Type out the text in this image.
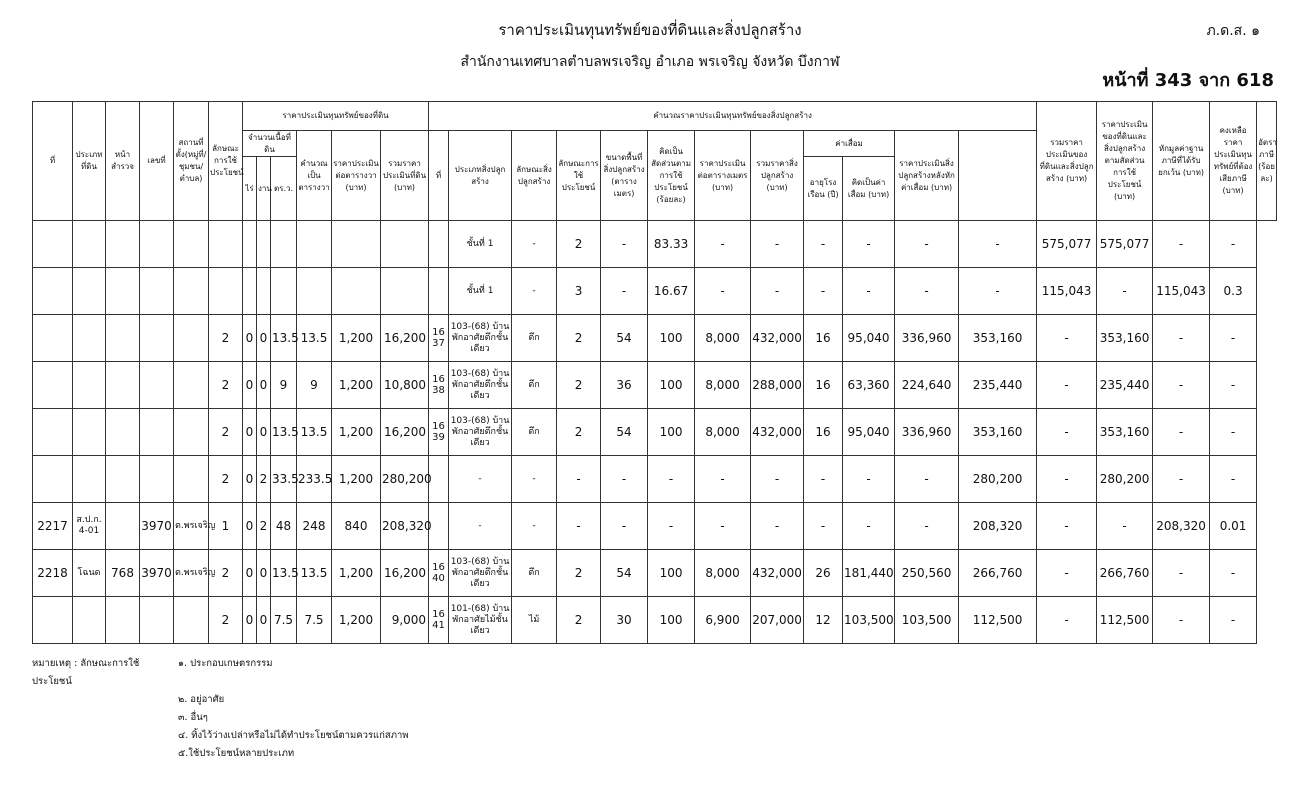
ราคาประเมินทุนทรัพย์ของที่ดินและสิ่งปลูกสร้าง	ภ.ด.ส. ๑
สำนักงานเทศบาลตำบลพรเจริญ อำเภอ พรเจริญ จังหวัด บึงกาฬ
หน้าที่ 343 จาก 618
ที่	ประเภทที่ดิน	หน้าสำรวจ	เลขที่	สถานที่ตั้ง(หมู่ที่/ชุมชน/ตำบล)	ลักษณะการใช้ประโยชน์	ราคาประเมินทุนทรัพย์ของที่ดิน						คำนวณราคาประเมินทุนทรัพย์ของสิ่งปลูกสร้าง												รวมราคาประเมินของที่ดินและสิ่งปลูกสร้าง (บาท)	ราคาประเมินของที่ดินและสิ่งปลูกสร้างตามสัดส่วนการใช้ประโยชน์ (บาท)	หักมูลค่าฐานภาษีที่ได้รับยกเว้น (บาท)	คงเหลือราคาประเมินทุนทรัพย์ที่ต้องเสียภาษี (บาท)	อัตราภาษี (ร้อยละ)
						จำนวนเนื้อที่ดิน			คำนวณเป็นตารางวา	ราคาประเมินต่อตารางวา (บาท)	รวมราคาประเมินที่ดิน (บาท)	ที่	ประเภทสิ่งปลูกสร้าง	ลักษณะสิ่งปลูกสร้าง	ลักษณะการใช้ประโยชน์	ขนาดพื้นที่สิ่งปลูกสร้าง (ตารางเมตร)	คิดเป็นสัดส่วนตามการใช้ประโยชน์ (ร้อยละ)	ราคาประเมินต่อตารางเมตร (บาท)	รวมราคาสิ่งปลูกสร้าง (บาท)	ค่าเสื่อม		ราคาประเมินสิ่งปลูกสร้างหลังหักค่าเสื่อม (บาท)						
						ไร่	งาน	ตร.ว.												อายุโรงเรือน (ปี)	คิดเป็นค่าเสื่อม (บาท)							
													ชั้นที่ 1	-	2	-	83.33	-	-	-	-	-	-	575,077	575,077	-	-	
													ชั้นที่ 1	-	3	-	16.67	-	-	-	-	-	-	115,043	-	115,043	0.3	
					2	0	0	13.5	13.5	1,200	16,200	16 37	103-(68) บ้านพักอาศัยตึกชั้นเดียว	ตึก	2	54	100	8,000	432,000	16	95,040	336,960	353,160	-	353,160	-	-	
					2	0	0	9	9	1,200	10,800	16 38	103-(68) บ้านพักอาศัยตึกชั้นเดียว	ตึก	2	36	100	8,000	288,000	16	63,360	224,640	235,440	-	235,440	-	-	
					2	0	0	13.5	13.5	1,200	16,200	16 39	103-(68) บ้านพักอาศัยตึกชั้นเดียว	ตึก	2	54	100	8,000	432,000	16	95,040	336,960	353,160	-	353,160	-	-	
					2	0	2	33.5	233.5	1,200	280,200		-	-	-	-	-	-	-	-	-	-	280,200	-	280,200	-	-	
2217	ส.ป.ก. 4-01		3970	ต.พรเจริญ	1	0	2	48	248	840	208,320		-	-	-	-	-	-	-	-	-	-	208,320	-	-	208,320	0.01	
2218	โฉนด	768	3970	ต.พรเจริญ	2	0	0	13.5	13.5	1,200	16,200	16 40	103-(68) บ้านพักอาศัยตึกชั้นเดียว	ตึก	2	54	100	8,000	432,000	26	181,440	250,560	266,760	-	266,760	-	-	
					2	0	0	7.5	7.5	1,200	9,000	16 41	101-(68) บ้านพักอาศัยไม้ชั้นเดียว	ไม้	2	30	100	6,900	207,000	12	103,500	103,500	112,500	-	112,500	-	-	
หมายเหตุ : ลักษณะการใช้ประโยชน์
๑. ประกอบเกษตรกรรม
๒. อยู่อาศัย
๓. อื่นๆ
๔. ทิ้งไว้ว่างเปล่าหรือไม่ได้ทำประโยชน์ตามควรแก่สภาพ
๕.ใช้ประโยชน์หลายประเภท
